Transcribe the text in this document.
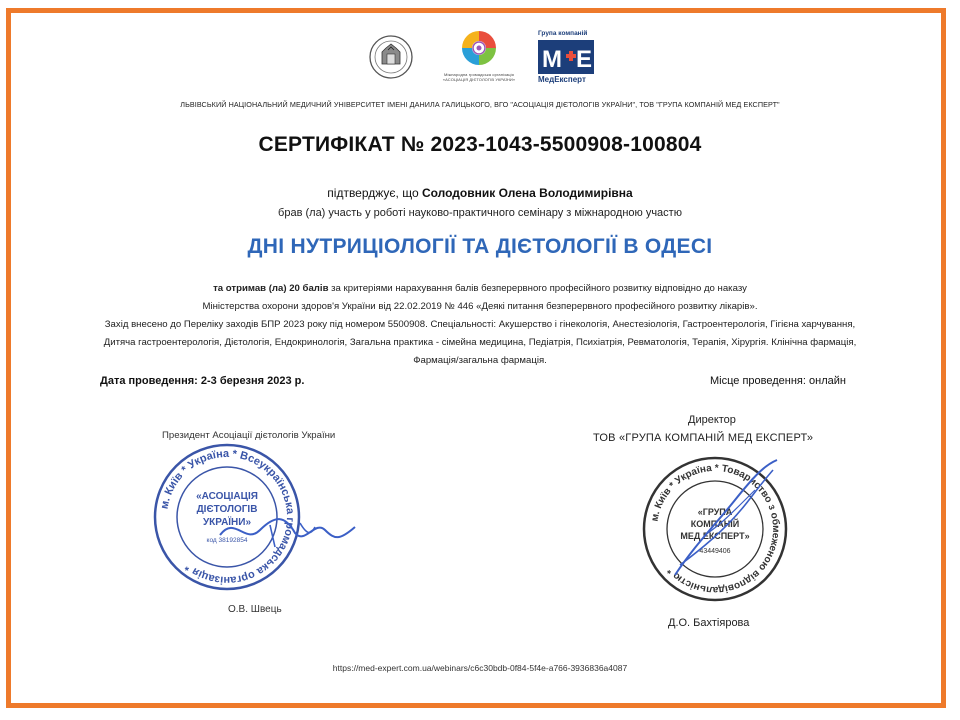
Міжнародна громадська організація «АСОЦІАЦІЯ ДІЄТОЛОГІВ УКРАЇНИ»
Група компаній
M E
МедЕксперт
ЛЬВІВСЬКИЙ НАЦІОНАЛЬНИЙ МЕДИЧНИЙ УНІВЕРСИТЕТ ІМЕНІ ДАНИЛА ГАЛИЦЬКОГО, ВГО "АСОЦІАЦІЯ ДІЄТОЛОГІВ УКРАЇНИ", ТОВ "ГРУПА КОМПАНІЙ МЕД ЕКСПЕРТ"
СЕРТИФІКАТ № 2023-1043-5500908-100804
підтверджує, що Солодовник Олена Володимирівна
брав (ла) участь у роботі науково-практичного семінару з міжнародною участю
ДНІ НУТРИЦІОЛОГІЇ ТА ДІЄТОЛОГІЇ В ОДЕСІ
та отримав (ла) 20 балів за критеріями нарахування балів безперервного професійного розвитку відповідно до наказу
Міністерства охорони здоров'я України від 22.02.2019 № 446 «Деякі питання безперервного професійного розвитку лікарів».
Захід внесено до Переліку заходів БПР 2023 року під номером 5500908. Спеціальності: Акушерство і гінекологія, Анестезіологія, Гастроентерологія, Гігієна харчування,
Дитяча гастроентерологія, Дієтологія, Ендокринологія, Загальна практика - сімейна медицина, Педіатрія, Психіатрія, Ревматологія, Терапія, Хірургія. Клінічна фармація,
Фармація/загальна фармація.
Дата проведення: 2-3 березня 2023 р.	Місце проведення: онлайн
Президент Асоціації дієтологів України
м. Київ * Україна * Всеукраїнська громадська організація *
«АСОЦІАЦІЯ
ДІЄТОЛОГІВ
УКРАЇНИ»
код 38192854
О.В. Швець
Директор
ТОВ «ГРУПА КОМПАНІЙ МЕД ЕКСПЕРТ»
м. Київ * Україна * Товариство з обмеженою відповідальністю *
«ГРУПА
КОМПАНІЙ
МЕД ЕКСПЕРТ»
43449406
Д.О. Бахтіярова
https://med-expert.com.ua/webinars/c6c30bdb-0f84-5f4e-a766-3936836a4087
